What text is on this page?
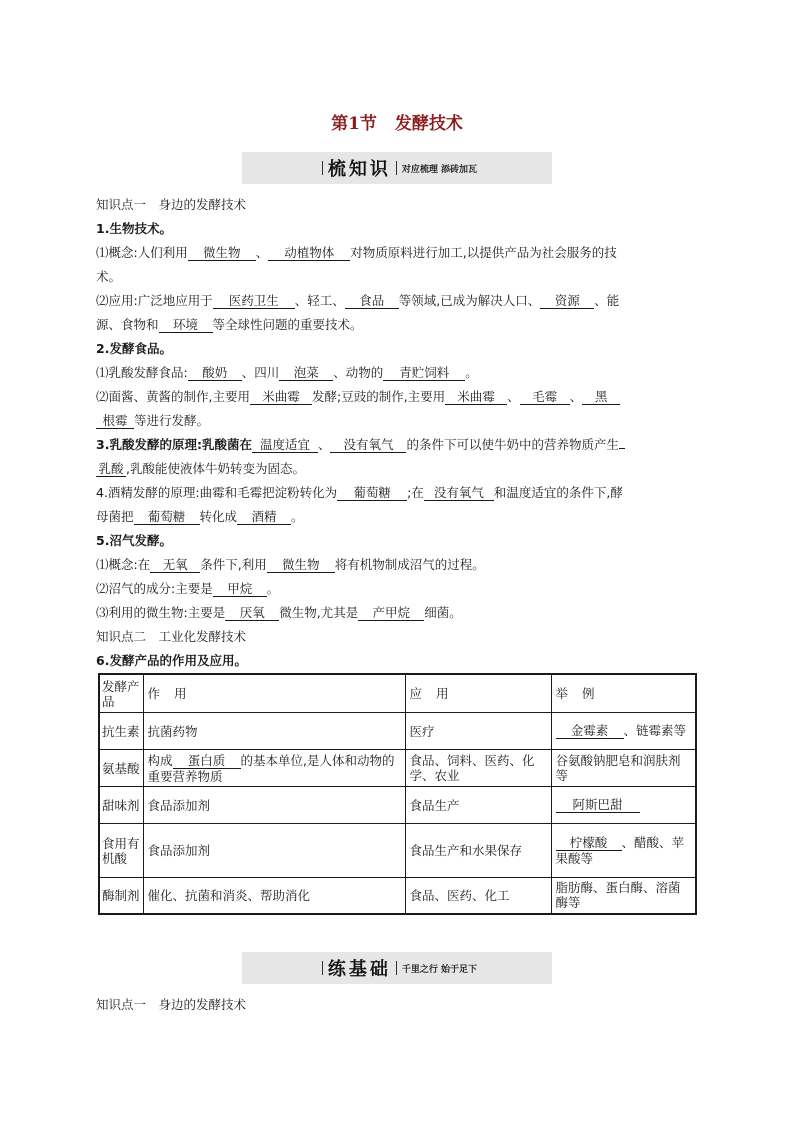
第1节 发酵技术
梳知识 对应梳理 添砖加瓦
知识点一　身边的发酵技术
1.生物技术。
⑴概念:人们利用 微生物 、 动植物体 对物质原料进行加工,以提供产品为社会服务的技
术。
⑵应用:广泛地应用于 医药卫生 、轻工、 食品 等领域,已成为解决人口、 资源 、能
源、食物和 环境 等全球性问题的重要技术。
2.发酵食品。
⑴乳酸发酵食品: 酸奶 、四川 泡菜 、动物的 青贮饲料 。
⑵面酱、黄酱的制作,主要用 米曲霉 发酵;豆豉的制作,主要用 米曲霉 、 毛霉 、 黑
根霉 等进行发酵。
3.乳酸发酵的原理:乳酸菌在 温度适宜 、 没有氧气 的条件下可以使牛奶中的营养物质产生
乳酸 ,乳酸能使液体牛奶转变为固态。
4.酒精发酵的原理:曲霉和毛霉把淀粉转化为 葡萄糖 ;在 没有氧气 和温度适宜的条件下,酵
母菌把 葡萄糖 转化成 酒精 。
5.沼气发酵。
⑴概念:在 无氧 条件下,利用 微生物 将有机物制成沼气的过程。
⑵沼气的成分:主要是 甲烷 。
⑶利用的微生物:主要是 厌氧 微生物,尤其是 产甲烷 细菌。
知识点二　工业化发酵技术
6.发酵产品的作用及应用。
发酵产品	作用	应用	举例
抗生素	抗菌药物	医疗	金霉素 、链霉素等
氨基酸	构成 蛋白质 的基本单位,是人体和动物的重要营养物质	食品、饲料、医药、化学、农业	谷氨酸钠肥皂和润肤剂等
甜味剂	食品添加剂	食品生产	阿斯巴甜
食用有机酸	食品添加剂	食品生产和水果保存	柠檬酸 、醋酸、苹果酸等
酶制剂	催化、抗菌和消炎、帮助消化	食品、医药、化工	脂肪酶、蛋白酶、溶菌酶等
练基础 千里之行 始于足下
知识点一　身边的发酵技术
